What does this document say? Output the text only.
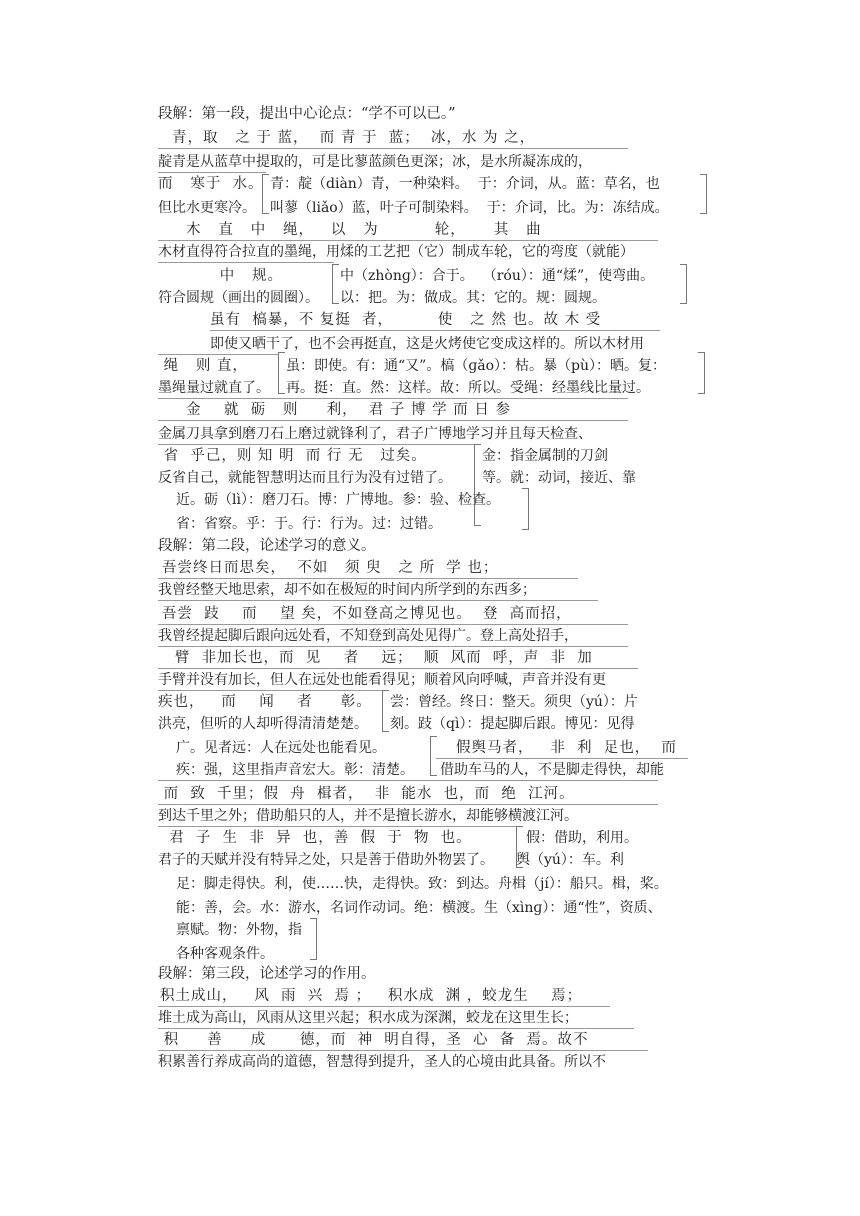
段解：第一段，提出中心论点：“学不可以已。”
青，取   之 于 蓝，  而 青 于  蓝；  冰，水 为 之，
靛青是从蓝草中提取的，可是比蓼蓝颜色更深；冰，是水所凝冻成的，
而   寒于  水。 青：靛（diàn）青，一种染料。  于：介词，从。蓝：草名，也
但比水更寒冷。 叫蓼（liǎo）蓝，叶子可制染料。  于：介词，比。为：冻结成。
木   直   中   绳，   以   为          轮，     其   曲
木材直得符合拉直的墨绳，用煣的工艺把（它）制成车轮，它的弯度（就能）
中   规。	中（zhònɡ）：合于。  （róu）：通“煣”，使弯曲。
符合圆规（画出的圆圈）。 以：把。为：做成。其：它的。规：圆规。
虽有  槁暴，不 复挺  者，        使   之 然 也。故 木 受
即使又晒干了，也不会再挺直，这是火烤使它变成这样的。所以木材用
绳   则 直，	虽：即使。有：通“又”。槁（ɡǎo）：枯。暴（pù）：晒。复：
墨绳量过就直了。 再。挺：直。然：这样。故：所以。受绳：经墨线比量过。
金    就  砺   则     利，  君 子 博 学 而 日 参
金属刀具拿到磨刀石上磨过就锋利了，君子广博地学习并且每天检查、
省  乎己，则 知 明  而 行 无   过矣。	金：指金属制的刀剑
反省自己，就能智慧明达而且行为没有过错了。 等。就：动词，接近、靠
近。砺（lì）：磨刀石。博：广博地。参：验、检查。
省：省察。乎：于。行：行为。过：过错。
段解：第二段，论述学习的意义。
吾尝终日而思矣，  不如   须 臾   之 所  学 也；
我曾经整天地思索，却不如在极短的时间内所学到的东西多；
吾尝  跂    而    望 矣，不如登高之博见也。  登  高而招，
我曾经提起脚后跟向远处看，不知登到高处见得广。登上高处招手，
臂  非加长也，而  见    者    远；  顺  风而  呼，声  非  加
手臂并没有加长，但人在远处也能看得见；顺着风向呼喊，声音并没有更
疾也，   而    闻    者     彰。 尝：曾经。终日：整天。须臾（yú）：片
洪亮，但听的人却听得清清楚楚。 刻。跂（qì）：提起脚后跟。博见：见得
广。见者远：人在远处也能看见。	假舆马者，   非  利  足也，  而
疾：强，这里指声音宏大。彰：清楚。 借助车马的人，不是脚走得快，却能
而  致  千里；假  舟  楫者，  非  能水  也，而  绝  江河。
到达千里之外；借助船只的人，并不是擅长游水，却能够横渡江河。
君  子  生  非  异  也，善  假  于  物  也。	假：借助，利用。
君子的天赋并没有特异之处，只是善于借助外物罢了。 舆（yú）：车。利
足：脚走得快。利，使……快，走得快。致：到达。舟楫（jí）：船只。楫，桨。
能：善，会。水：游水，名词作动词。绝：横渡。生（xìnɡ）：通“性”，资质、
禀赋。物：外物，指
各种客观条件。
段解：第三段，论述学习的作用。
积土成山，   风  雨  兴  焉 ；   积水成  渊 ，蛟龙生    焉；
堆土成为高山，风雨从这里兴起；积水成为深渊，蛟龙在这里生长；
积     善     成      德，而  神  明自得，圣  心  备  焉。故不
积累善行养成高尚的道德，智慧得到提升，圣人的心境由此具备。所以不
